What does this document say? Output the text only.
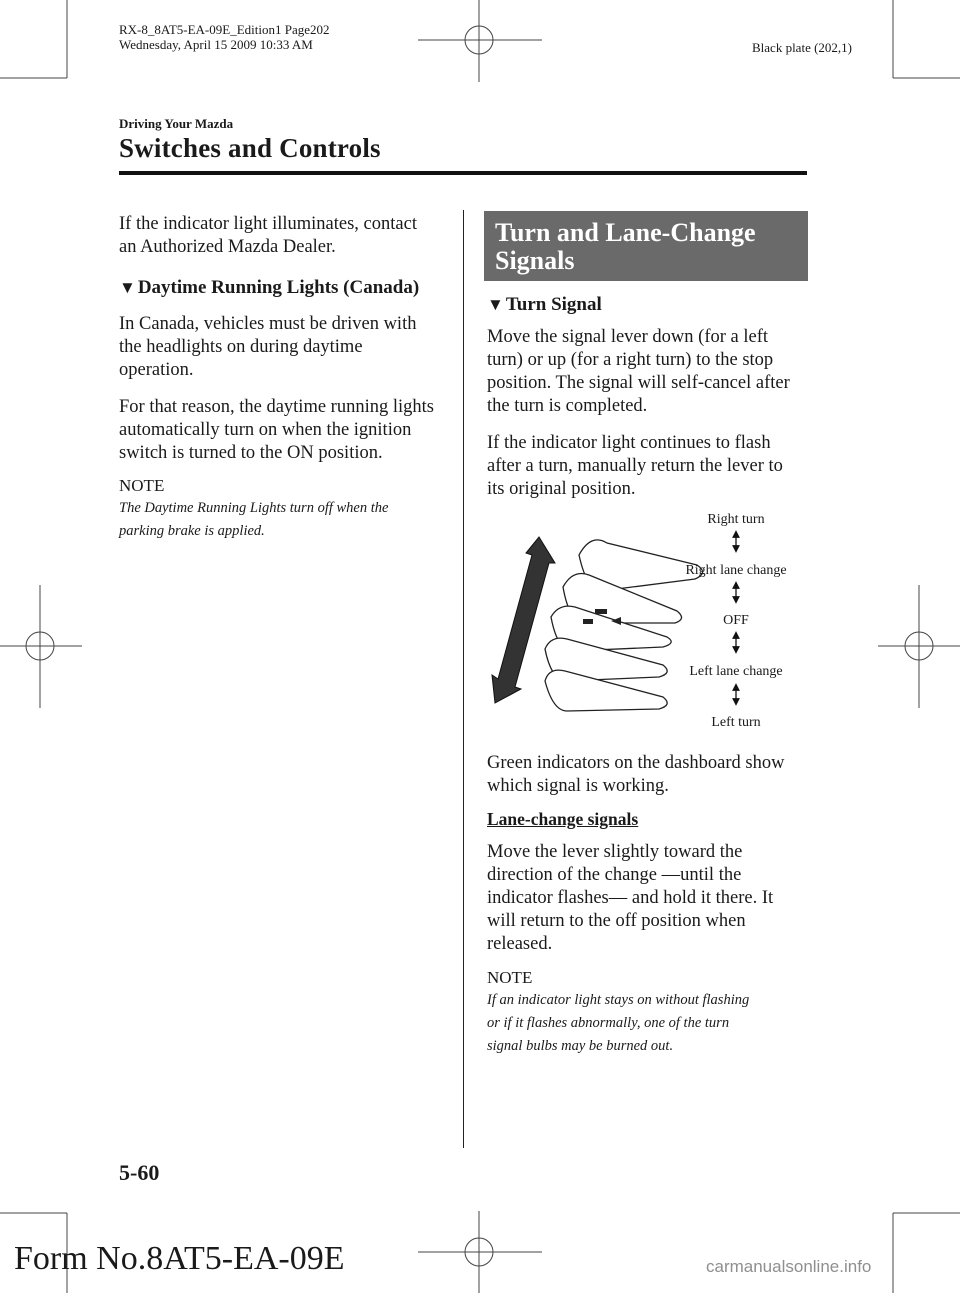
RX-8_8AT5-EA-09E_Edition1 Page202
Wednesday, April 15 2009 10:33 AM	Black plate (202,1)
Driving Your Mazda
Switches and Controls

If the indicator light illuminates, contact
an Authorized Mazda Dealer.

▼ Daytime Running Lights (Canada)

In Canada, vehicles must be driven with
the headlights on during daytime
operation.

For that reason, the daytime running lights
automatically turn on when the ignition
switch is turned to the ON position.

NOTE

The Daytime Running Lights turn off when the
parking brake is applied.

Turn and Lane-Change
Signals
▼ Turn Signal

Move the signal lever down (for a left
turn) or up (for a right turn) to the stop
position. The signal will self-cancel after
the turn is completed.

If the indicator light continues to flash
after a turn, manually return the lever to
its original position.

Right turn
Right lane change
OFF
Left lane change
Left turn

Green indicators on the dashboard show
which signal is working.

Lane-change signals

Move the lever slightly toward the
direction of the change ―until the
indicator flashes― and hold it there. It
will return to the off position when
released.

NOTE

If an indicator light stays on without flashing
or if it flashes abnormally, one of the turn
signal bulbs may be burned out.

5-60
Form No.8AT5-EA-09E	carmanualsonline.info
